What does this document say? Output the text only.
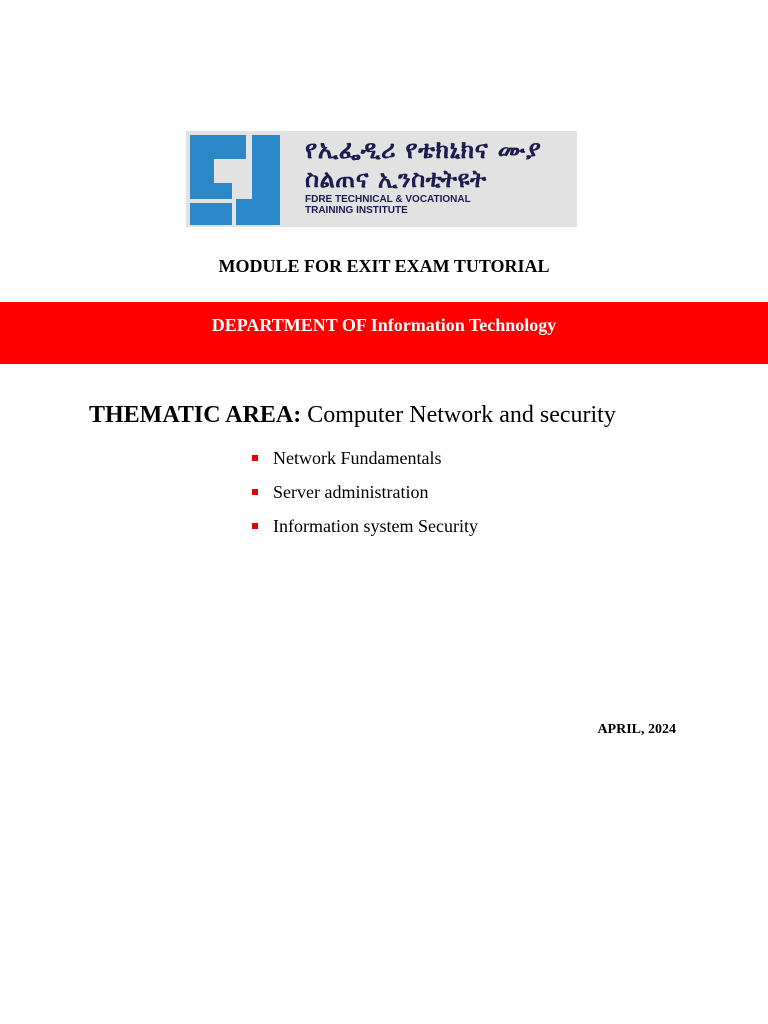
የኢፌዲሪ የቴክኒክና ሙያ
ስልጠና ኢንስቲትዩት
FDRE TECHNICAL & VOCATIONAL
TRAINING INSTITUTE
MODULE FOR EXIT EXAM TUTORIAL
DEPARTMENT OF Information Technology
THEMATIC AREA: Computer Network and security
Network Fundamentals
Server administration
Information system Security
APRIL, 2024
